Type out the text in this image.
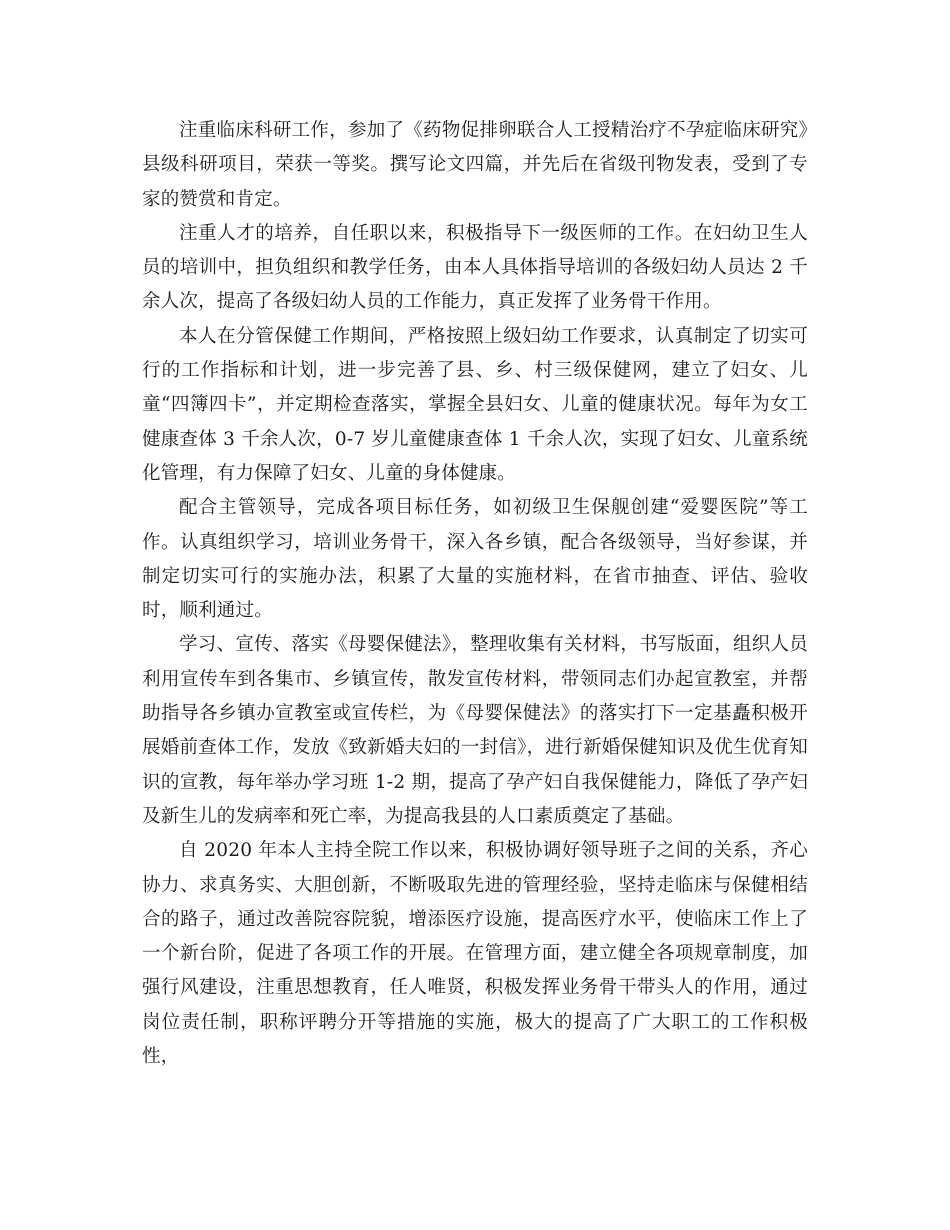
注重临床科研工作，参加了《药物促排卵联合人工授精治疗不孕症临床研究》县级科研项目，荣获一等奖。撰写论文四篇，并先后在省级刊物发表，受到了专家的赞赏和肯定。

注重人才的培养，自任职以来，积极指导下一级医师的工作。在妇幼卫生人员的培训中，担负组织和教学任务，由本人具体指导培训的各级妇幼人员达 2 千余人次，提高了各级妇幼人员的工作能力，真正发挥了业务骨干作用。

本人在分管保健工作期间，严格按照上级妇幼工作要求，认真制定了切实可行的工作指标和计划，进一步完善了县、乡、村三级保健网，建立了妇女、儿童“四簿四卡”，并定期检查落实，掌握全县妇女、儿童的健康状况。每年为女工健康查体 3 千余人次，0-7 岁儿童健康查体 1 千余人次，实现了妇女、儿童系统化管理，有力保障了妇女、儿童的身体健康。

配合主管领导，完成各项目标任务，如初级卫生保舰创建“爱婴医院”等工作。认真组织学习，培训业务骨干，深入各乡镇，配合各级领导，当好参谋，并制定切实可行的实施办法，积累了大量的实施材料，在省市抽查、评估、验收时，顺利通过。

学习、宣传、落实《母婴保健法》，整理收集有关材料，书写版面，组织人员利用宣传车到各集市、乡镇宣传，散发宣传材料，带领同志们办起宣教室，并帮助指导各乡镇办宣教室或宣传栏，为《母婴保健法》的落实打下一定基矗积极开展婚前查体工作，发放《致新婚夫妇的一封信》，进行新婚保健知识及优生优育知识的宣教，每年举办学习班 1-2 期，提高了孕产妇自我保健能力，降低了孕产妇及新生儿的发病率和死亡率，为提高我县的人口素质奠定了基础。

自 2020 年本人主持全院工作以来，积极协调好领导班子之间的关系，齐心协力、求真务实、大胆创新，不断吸取先进的管理经验，坚持走临床与保健相结合的路子，通过改善院容院貌，增添医疗设施，提高医疗水平，使临床工作上了一个新台阶，促进了各项工作的开展。在管理方面，建立健全各项规章制度，加强行风建设，注重思想教育，任人唯贤，积极发挥业务骨干带头人的作用，通过岗位责任制，职称评聘分开等措施的实施，极大的提高了广大职工的工作积极性，
